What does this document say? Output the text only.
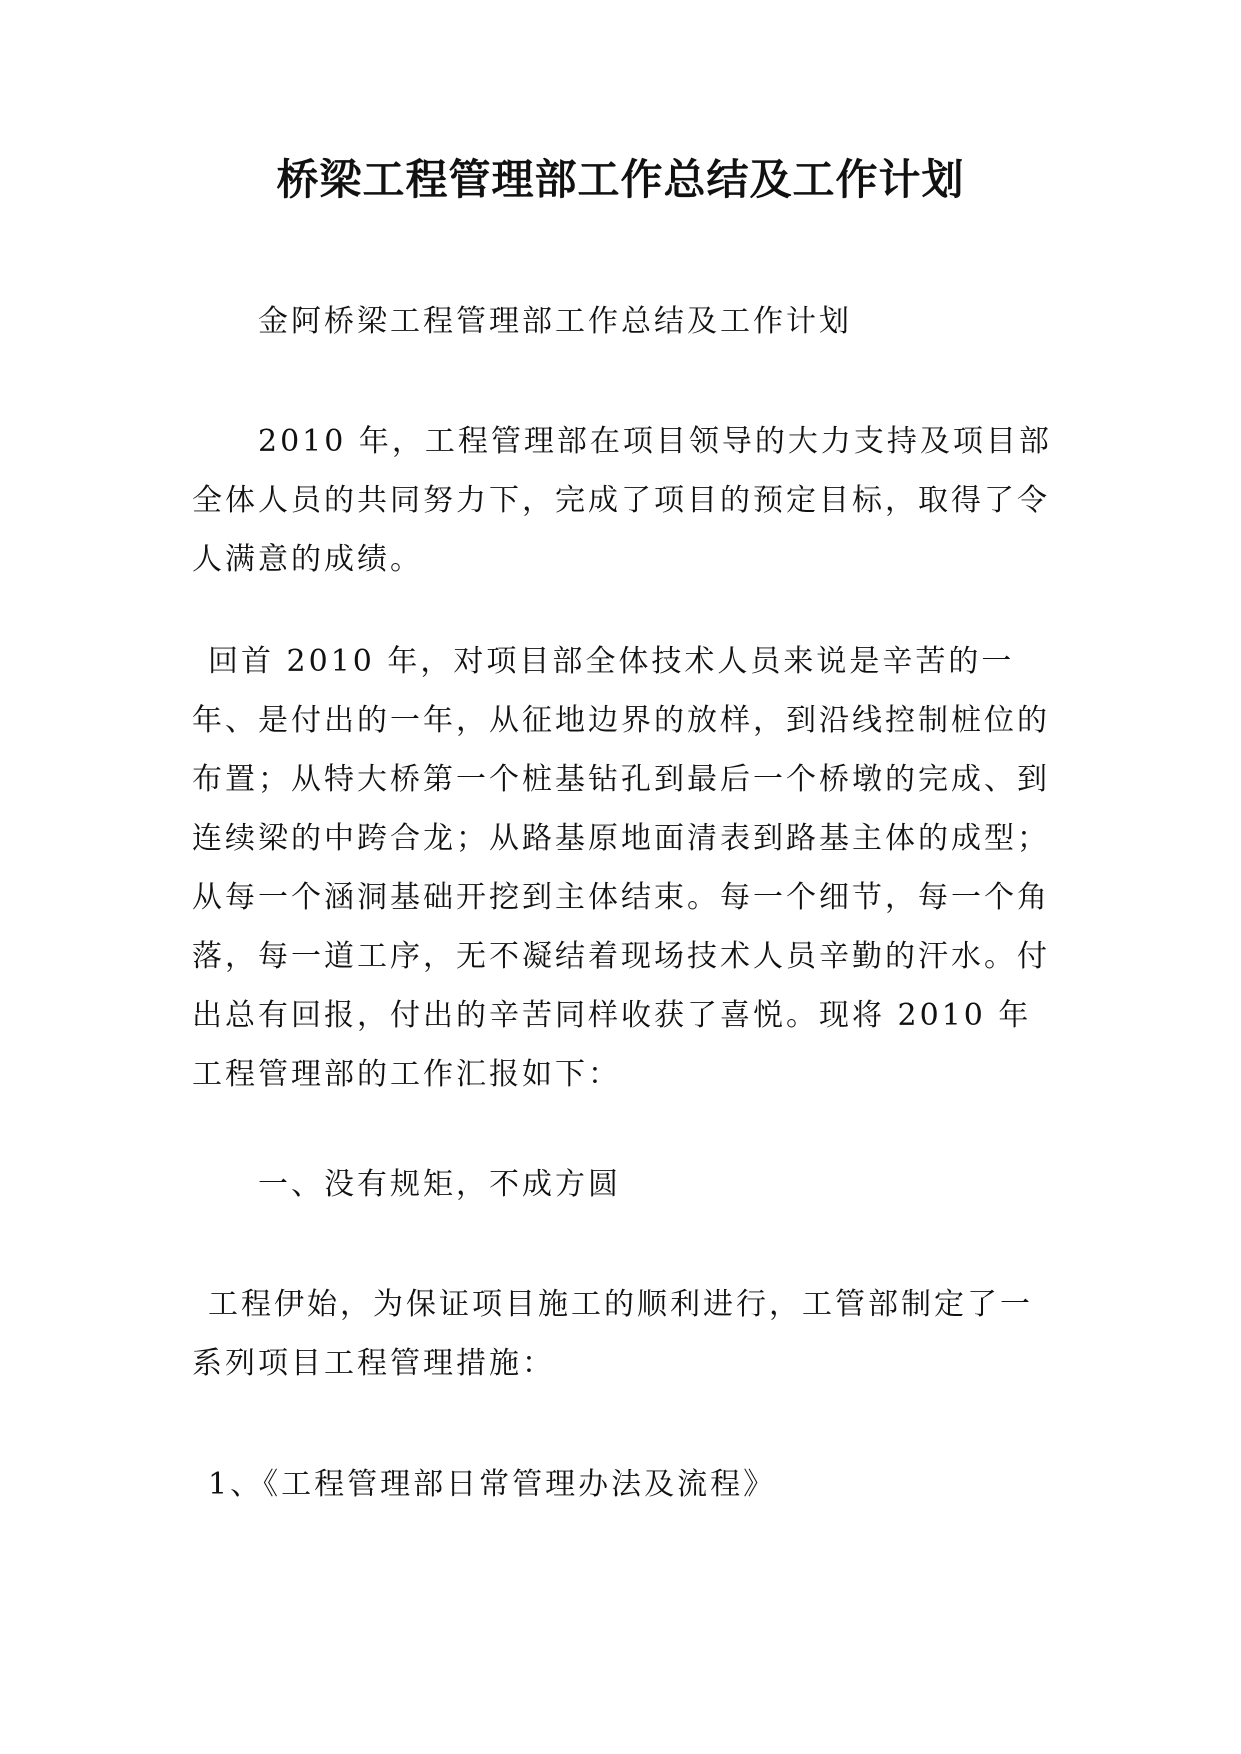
桥梁工程管理部工作总结及工作计划

金阿桥梁工程管理部工作总结及工作计划

2010 年，工程管理部在项目领导的大力支持及项目部全体人员的共同努力下，完成了项目的预定目标，取得了令人满意的成绩。

回首 2010 年，对项目部全体技术人员来说是辛苦的一年、是付出的一年，从征地边界的放样，到沿线控制桩位的布置；从特大桥第一个桩基钻孔到最后一个桥墩的完成、到连续梁的中跨合龙；从路基原地面清表到路基主体的成型；从每一个涵洞基础开挖到主体结束。每一个细节，每一个角落，每一道工序，无不凝结着现场技术人员辛勤的汗水。付出总有回报，付出的辛苦同样收获了喜悦。现将 2010 年工程管理部的工作汇报如下：

一、没有规矩，不成方圆

工程伊始，为保证项目施工的顺利进行，工管部制定了一系列项目工程管理措施：

1、《工程管理部日常管理办法及流程》
